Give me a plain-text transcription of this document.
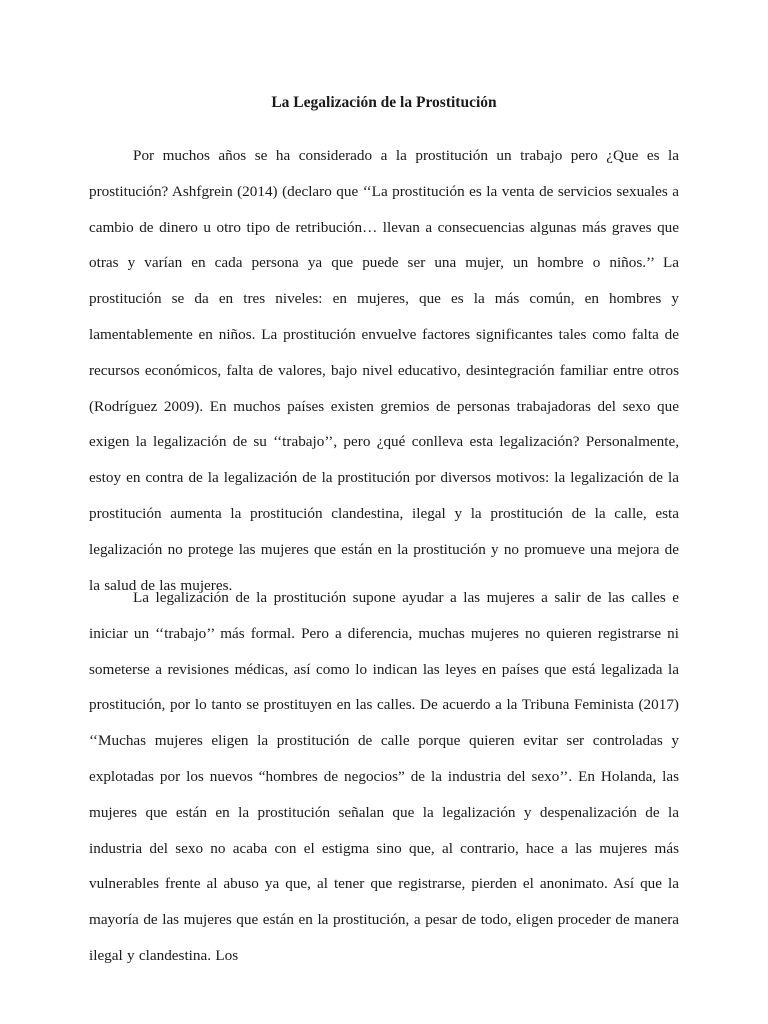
La Legalización de la Prostitución

Por muchos años se ha considerado a la prostitución un trabajo pero ¿Que es la prostitución? Ashfgrein (2014) (declaro que ‘‘La prostitución es la venta de servicios sexuales a cambio de dinero u otro tipo de retribución… llevan a consecuencias algunas más graves que otras y varían en cada persona ya que puede ser una mujer, un hombre o niños.’’ La prostitución se da en tres niveles: en mujeres, que es la más común, en hombres y lamentablemente en niños. La prostitución envuelve factores significantes tales como falta de recursos económicos, falta de valores, bajo nivel educativo, desintegración familiar entre otros (Rodríguez 2009). En muchos países existen gremios de personas trabajadoras del sexo que exigen la legalización de su ‘‘trabajo’’, pero ¿qué conlleva esta legalización? Personalmente, estoy en contra de la legalización de la prostitución por diversos motivos: la legalización de la prostitución aumenta la prostitución clandestina, ilegal y la prostitución de la calle, esta legalización no protege las mujeres que están en la prostitución y no promueve una mejora de la salud de las mujeres.

La legalización de la prostitución supone ayudar a las mujeres a salir de las calles e iniciar un ‘‘trabajo’’ más formal. Pero a diferencia, muchas mujeres no quieren registrarse ni someterse a revisiones médicas, así como lo indican las leyes en países que está legalizada la prostitución, por lo tanto se prostituyen en las calles. De acuerdo a la Tribuna Feminista (2017) ‘‘Muchas mujeres eligen la prostitución de calle porque quieren evitar ser controladas y explotadas por los nuevos “hombres de negocios” de la industria del sexo’’. En Holanda, las mujeres que están en la prostitución señalan que la legalización y despenalización de la industria del sexo no acaba con el estigma sino que, al contrario, hace a las mujeres más vulnerables frente al abuso ya que, al tener que registrarse, pierden el anonimato. Así que la mayoría de las mujeres que están en la prostitución, a pesar de todo, eligen proceder de manera ilegal y clandestina. Los
